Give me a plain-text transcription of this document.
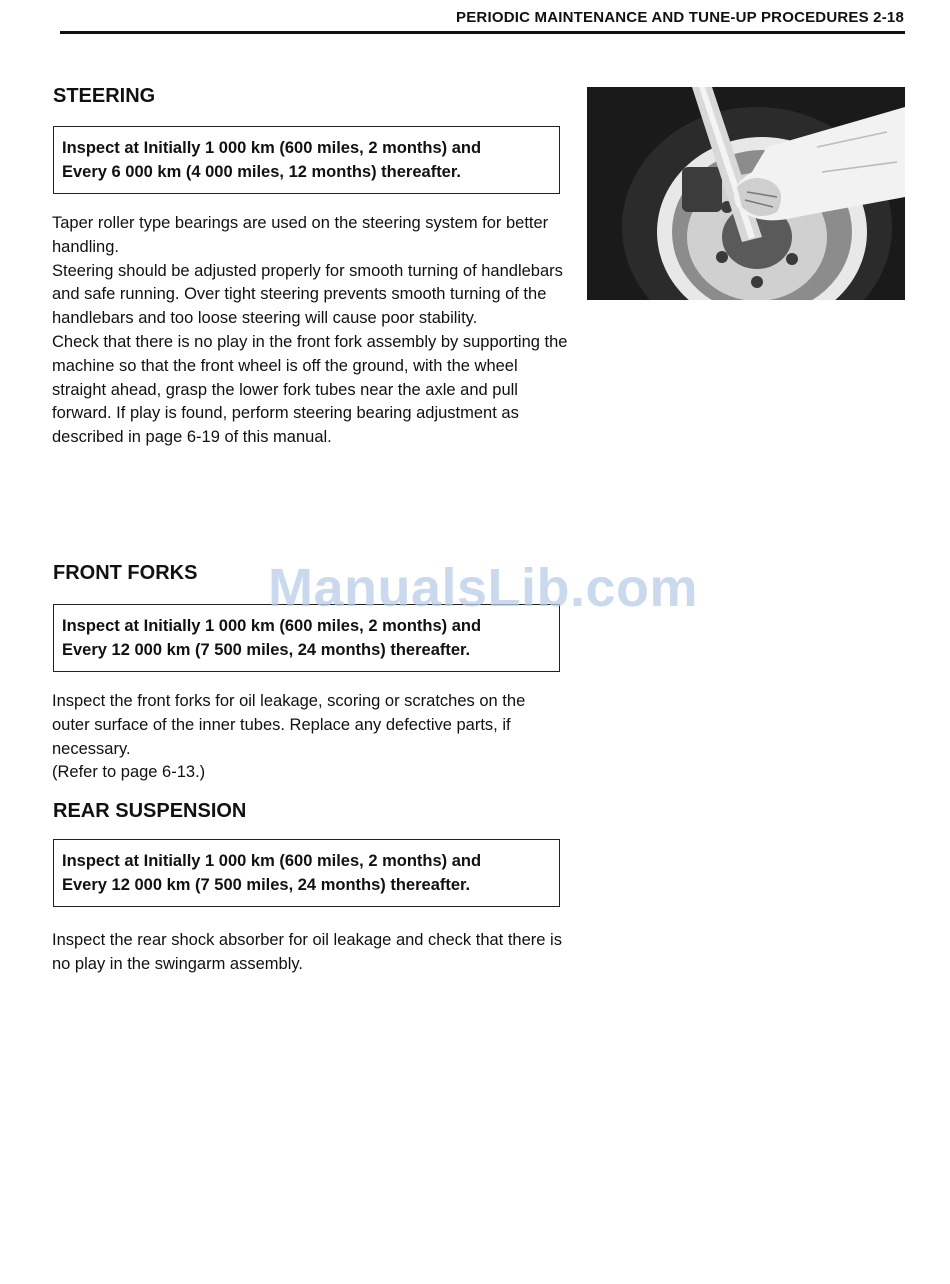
PERIODIC MAINTENANCE AND TUNE-UP PROCEDURES 2-18
STEERING
Inspect at Initially 1 000 km (600 miles, 2 months) and
Every 6 000 km (4 000 miles, 12 months) thereafter.

Taper roller type bearings are used on the steering system for better handling.

Steering should be adjusted properly for smooth turning of handlebars and safe running. Over tight steering prevents smooth turning of the handlebars and too loose steering will cause poor stability.

Check that there is no play in the front fork assembly by supporting the machine so that the front wheel is off the ground, with the wheel straight ahead, grasp the lower fork tubes near the axle and pull forward. If play is found, perform steering bearing adjustment as described in page 6-19 of this manual.

FRONT FORKS
Inspect at Initially 1 000 km (600 miles, 2 months) and
Every 12 000 km (7 500 miles, 24 months) thereafter.

Inspect the front forks for oil leakage, scoring or scratches on the outer surface of the inner tubes. Replace any defective parts, if necessary.

(Refer to page 6-13.)

REAR SUSPENSION
Inspect at Initially 1 000 km (600 miles, 2 months) and
Every 12 000 km (7 500 miles, 24 months) thereafter.

Inspect the rear shock absorber for oil leakage and check that there is no play in the swingarm assembly.

ManualsLib.com
